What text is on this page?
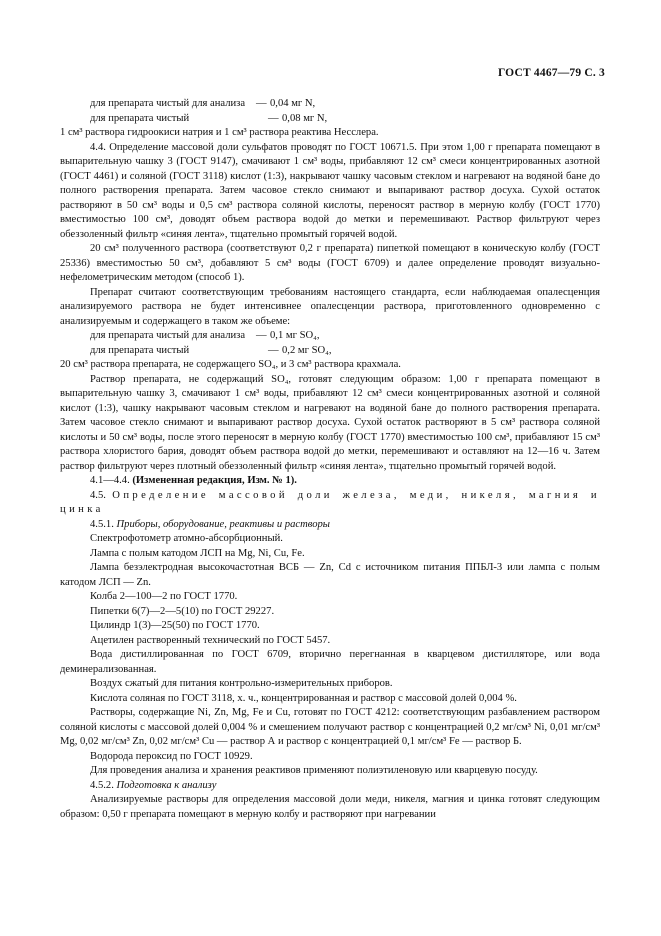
ГОСТ 4467—79 С. 3
для препарата чистый для анализа	— 0,04 мг N,
для препарата чистый	— 0,08 мг N,

1 см³ раствора гидроокиси натрия и 1 см³ раствора реактива Несслера.

4.4. Определение массовой доли сульфатов проводят по ГОСТ 10671.5. При этом 1,00 г препарата помещают в выпарительную чашку 3 (ГОСТ 9147), смачивают 1 см³ воды, прибавляют 12 см³ смеси концентрированных азотной (ГОСТ 4461) и соляной (ГОСТ 3118) кислот (1:3), накрывают чашку часовым стеклом и нагревают на водяной бане до полного растворения препарата. Затем часовое стекло снимают и выпаривают раствор досуха. Сухой остаток растворяют в 50 см³ воды и 0,5 см³ раствора соляной кислоты, переносят раствор в мерную колбу (ГОСТ 1770) вместимостью 100 см³, доводят объем раствора водой до метки и перемешивают. Раствор фильтруют через обеззоленный фильтр «синяя лента», тщательно промытый горячей водой.

20 см³ полученного раствора (соответствуют 0,2 г препарата) пипеткой помещают в коническую колбу (ГОСТ 25336) вместимостью 50 см³, добавляют 5 см³ воды (ГОСТ 6709) и далее определение проводят визуально-нефелометрическим методом (способ 1).

Препарат считают соответствующим требованиям настоящего стандарта, если наблюдаемая опалесценция анализируемого раствора не будет интенсивнее опалесценции раствора, приготовленного одновременно с анализируемым и содержащего в таком же объеме:

для препарата чистый для анализа	— 0,1 мг SO₄,
для препарата чистый	— 0,2 мг SO₄,

20 см³ раствора препарата, не содержащего SO₄, и 3 см³ раствора крахмала.

Раствор препарата, не содержащий SO₄, готовят следующим образом: 1,00 г препарата помещают в выпарительную чашку 3, смачивают 1 см³ воды, прибавляют 12 см³ смеси концентрированных азотной и соляной кислот (1:3), чашку накрывают часовым стеклом и нагревают на водяной бане до полного растворения препарата. Затем часовое стекло снимают и выпаривают раствор досуха. Сухой остаток растворяют в 5 см³ раствора соляной кислоты и 50 см³ воды, после этого переносят в мерную колбу (ГОСТ 1770) вместимостью 100 см³, прибавляют 15 см³ раствора хлористого бария, доводят объем раствора водой до метки, перемешивают и оставляют на 12—16 ч. Затем раствор фильтруют через плотный обеззоленный фильтр «синяя лента», тщательно промытый горячей водой.

4.1—4.4. (Измененная редакция, Изм. № 1).

4.5. Определение массовой доли железа, меди, никеля, магния и цинка

4.5.1. Приборы, оборудование, реактивы и растворы

Спектрофотометр атомно-абсорбционный.

Лампа с полым катодом ЛСП на Mg, Ni, Cu, Fe.

Лампа безэлектродная высокочастотная ВСБ — Zn, Cd с источником питания ППБЛ-3 или лампа с полым катодом ЛСП — Zn.

Колба 2—100—2 по ГОСТ 1770.

Пипетки 6(7)—2—5(10) по ГОСТ 29227.

Цилиндр 1(3)—25(50) по ГОСТ 1770.

Ацетилен растворенный технический по ГОСТ 5457.

Вода дистиллированная по ГОСТ 6709, вторично перегнанная в кварцевом дистилляторе, или вода деминерализованная.

Воздух сжатый для питания контрольно-измерительных приборов.

Кислота соляная по ГОСТ 3118, х. ч., концентрированная и раствор с массовой долей 0,004 %.

Растворы, содержащие Ni, Zn, Mg, Fe и Cu, готовят по ГОСТ 4212: соответствующим разбавлением раствором соляной кислоты с массовой долей 0,004 % и смешением получают раствор с концентрацией 0,2 мг/см³ Ni, 0,01 мг/см³ Mg, 0,02 мг/см³ Zn, 0,02 мг/см³ Cu — раствор А и раствор с концентрацией 0,1 мг/см³ Fe — раствор Б.

Водорода пероксид по ГОСТ 10929.

Для проведения анализа и хранения реактивов применяют полиэтиленовую или кварцевую посуду.

4.5.2. Подготовка к анализу

Анализируемые растворы для определения массовой доли меди, никеля, магния и цинка готовят следующим образом: 0,50 г препарата помещают в мерную колбу и растворяют при нагревании
